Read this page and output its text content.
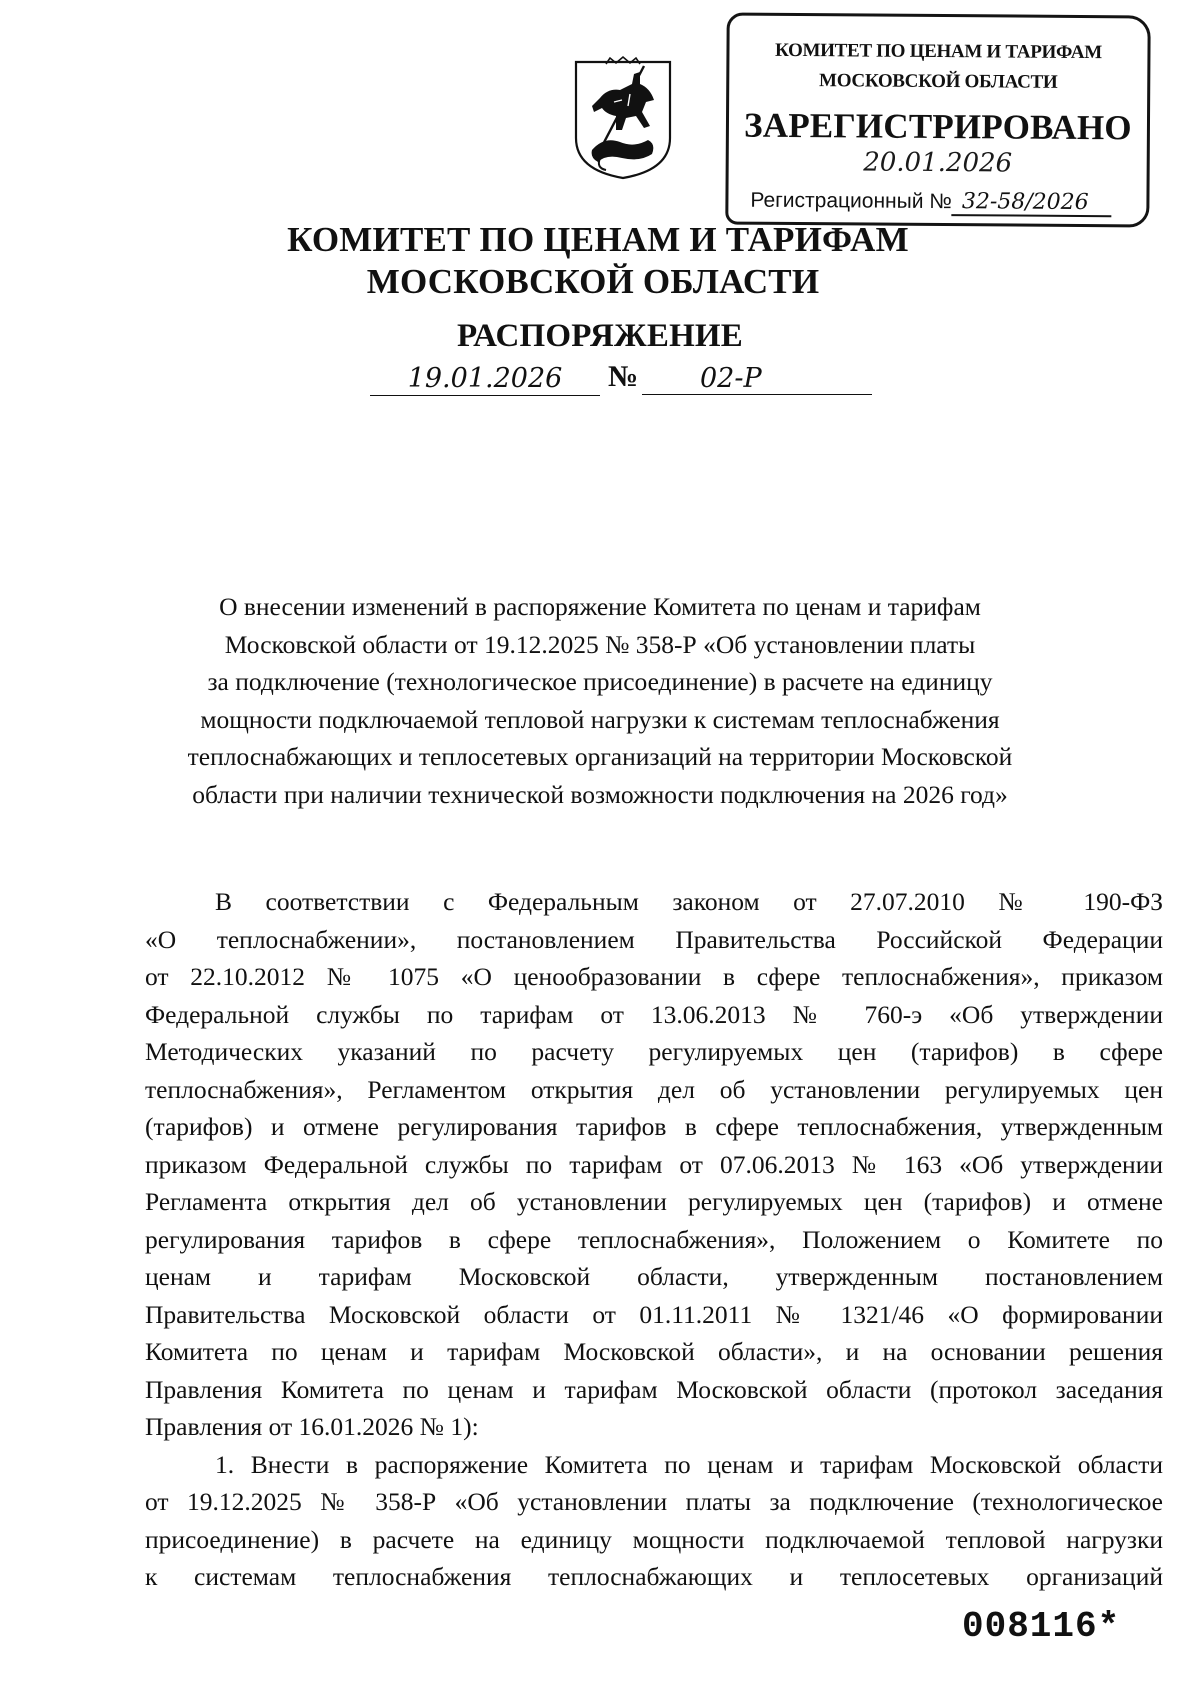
КОМИТЕТ ПО ЦЕНАМ И ТАРИФАМ
МОСКОВСКОЙ ОБЛАСТИ
ЗАРЕГИСТРИРОВАНО
20.01.2026
Регистрационный № 32-58/2026
КОМИТЕТ ПО ЦЕНАМ И ТАРИФАМ
МОСКОВСКОЙ ОБЛАСТИ
РАСПОРЯЖЕНИЕ
19.01.2026	№	02-Р
О внесении изменений в распоряжение Комитета по ценам и тарифам
Московской области от 19.12.2025 № 358-Р «Об установлении платы
за подключение (технологическое присоединение) в расчете на единицу
мощности подключаемой тепловой нагрузки к системам теплоснабжения
теплоснабжающих и теплосетевых организаций на территории Московской
области при наличии технической возможности подключения на 2026 год»
В соответствии с Федеральным законом от 27.07.2010 № 190-ФЗ
«О теплоснабжении», постановлением Правительства Российской Федерации
от 22.10.2012 № 1075 «О ценообразовании в сфере теплоснабжения», приказом
Федеральной службы по тарифам от 13.06.2013 № 760-э «Об утверждении
Методических указаний по расчету регулируемых цен (тарифов) в сфере
теплоснабжения», Регламентом открытия дел об установлении регулируемых цен
(тарифов) и отмене регулирования тарифов в сфере теплоснабжения, утвержденным
приказом Федеральной службы по тарифам от 07.06.2013 № 163 «Об утверждении
Регламента открытия дел об установлении регулируемых цен (тарифов) и отмене
регулирования тарифов в сфере теплоснабжения», Положением о Комитете по
ценам и тарифам Московской области, утвержденным постановлением
Правительства Московской области от 01.11.2011 № 1321/46 «О формировании
Комитета по ценам и тарифам Московской области», и на основании решения
Правления Комитета по ценам и тарифам Московской области (протокол заседания
Правления от 16.01.2026 № 1):
1. Внести в распоряжение Комитета по ценам и тарифам Московской области
от 19.12.2025 № 358-Р «Об установлении платы за подключение (технологическое
присоединение) в расчете на единицу мощности подключаемой тепловой нагрузки
к системам теплоснабжения теплоснабжающих и теплосетевых организаций
008116*
